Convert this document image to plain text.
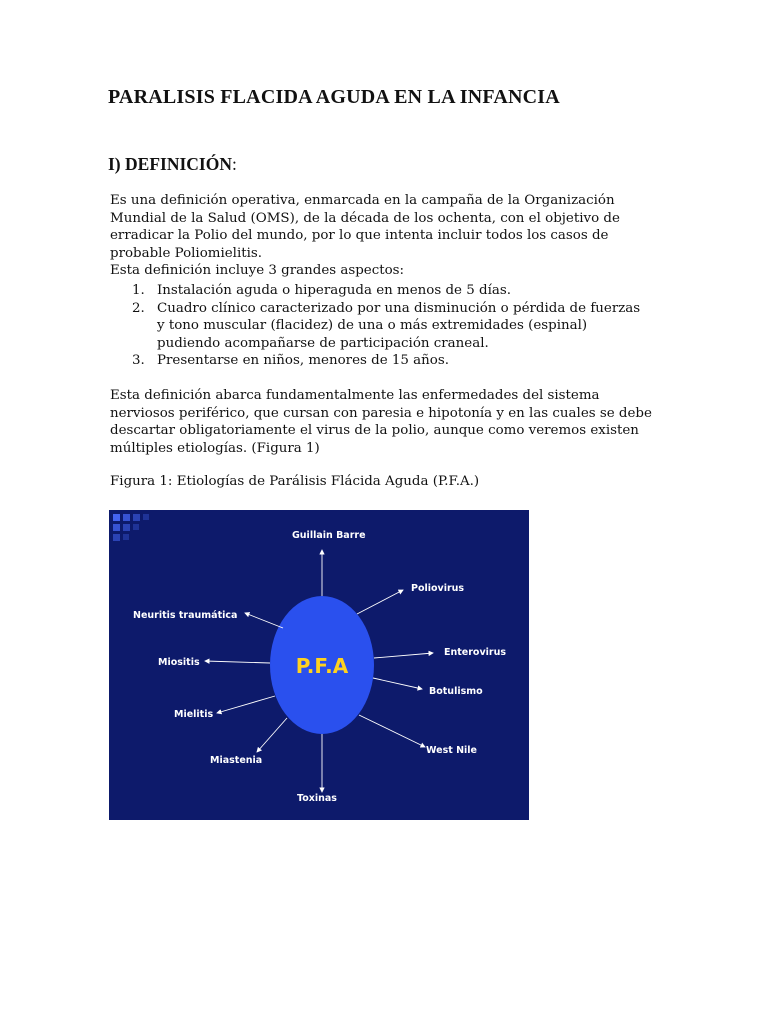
PARALISIS FLACIDA AGUDA EN LA INFANCIA
I) DEFINICIÓN:
Es una definición operativa, enmarcada en la campaña de la Organización
Mundial de la Salud (OMS), de la década de los ochenta, con el objetivo de
erradicar la Polio del mundo, por lo que intenta incluir todos los casos de
probable Poliomielitis.
Esta definición incluye 3 grandes aspectos:
1. Instalación aguda o hiperaguda en menos de 5 días.
2. Cuadro clínico caracterizado por una disminución o pérdida de fuerzas
y tono muscular (flacidez) de una o más extremidades (espinal)
pudiendo acompañarse de participación craneal.
3. Presentarse en niños, menores de 15 años.
Esta definición abarca fundamentalmente las enfermedades del sistema
nerviosos periférico, que cursan con paresia e hipotonía y en las cuales se debe
descartar obligatoriamente el virus de la polio, aunque como veremos existen
múltiples etiologías. (Figura 1)
Figura 1: Etiologías de Parálisis Flácida Aguda (P.F.A.)
P.F.A
Guillain Barre
Poliovirus
Enterovirus
Botulismo
West Nile
Toxinas
Miastenia
Mielitis
Miositis
Neuritis traumática
